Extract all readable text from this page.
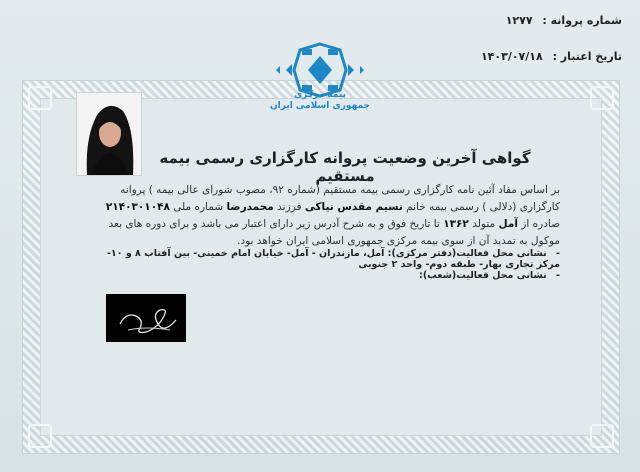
شماره پروانه : ۱۲۷۷
تاریخ اعتبار : ۱۴۰۳/۰۷/۱۸
بیمه مرکزی
جمهوری اسلامی ایران
گواهی آخرین وضعیت پروانه کارگزاری رسمی بیمه مستقیم
بر اساس مفاد آئین نامه کارگزاری رسمی بیمه مستقیم (شماره ۹۲، مصوب شورای عالی بیمه ) پروانه کارگزاری (دلالی ) رسمی بیمه خانم نسیم مقدس نیاکی فرزند محمدرضا شماره ملی ۲۱۴۰۳۰۱۰۴۸ صادره از آمل متولد ۱۳۶۲ تا تاریخ فوق و به شرح آدرس زیر دارای اعتبار می باشد و برای دوره های بعد موکول به تمدید آن از سوی بیمه مرکزی جمهوری اسلامی ایران خواهد بود.
- نشانی محل فعالیت(دفتر مرکزی): آمل، مازندران - آمل- خیابان امام خمینی- بین آفتاب ۸ و ۱۰- مرکز تجاری بهار- طبقه دوم- واحد ۲ جنوبی
- نشانی محل فعالیت(شعب):
